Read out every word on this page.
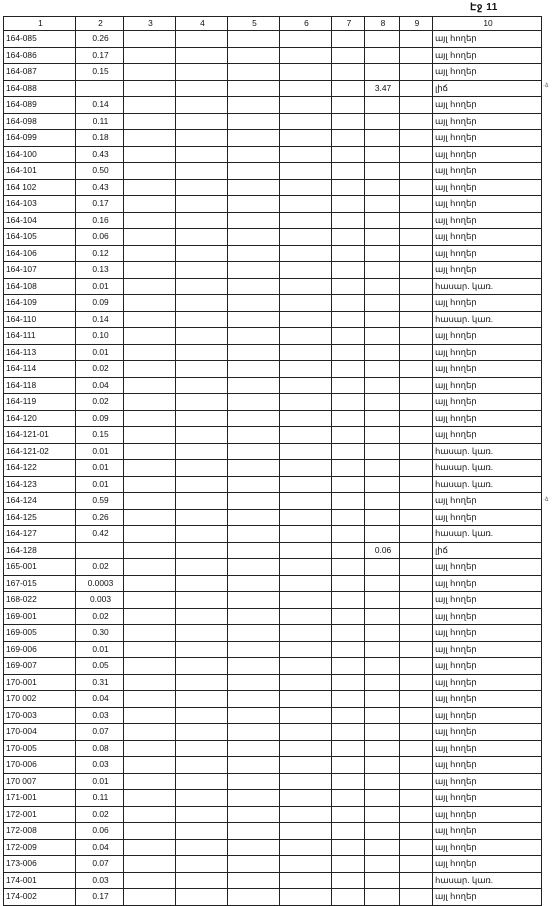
Էջ 11
·ձ
·ձ
1	2	3	4	5	6	7	8	9	10
164-085	0.26								այլ հողեր
164-086	0.17								այլ հողեր
164-087	0.15								այլ հողեր
164-088							3.47		լիճ
164-089	0.14								այլ հողեր
164-098	0.11								այլ հողեր
164-099	0.18								այլ հողեր
164-100	0.43								այլ հողեր
164-101	0.50								այլ հողեր
164 102	0.43								այլ հողեր
164-103	0.17								այլ հողեր
164-104	0.16								այլ հողեր
164-105	0.06								այլ հողեր
164-106	0.12								այլ հողեր
164-107	0.13								այլ հողեր
164-108	0.01								հասար. կառ.
164-109	0.09								այլ հողեր
164-110	0.14								հասար. կառ.
164-111	0.10								այլ հողեր
164-113	0.01								այլ հողեր
164-114	0.02								այլ հողեր
164-118	0.04								այլ հողեր
164-119	0.02								այլ հողեր
164-120	0.09								այլ հողեր
164-121-01	0.15								այլ հողեր
164-121-02	0.01								հասար. կառ.
164-122	0.01								հասար. կառ.
164-123	0.01								հասար. կառ.
164-124	0.59								այլ հողեր
164-125	0.26								այլ հողեր
164-127	0.42								հասար. կառ.
164-128							0.06		լիճ
165-001	0.02								այլ հողեր
167-015	0.0003								այլ հողեր
168-022	0.003								այլ հողեր
169-001	0.02								այլ հողեր
169-005	0.30								այլ հողեր
169-006	0.01								այլ հողեր
169-007	0.05								այլ հողեր
170-001	0.31								այլ հողեր
170 002	0.04								այլ հողեր
170-003	0.03								այլ հողեր
170-004	0.07								այլ հողեր
170-005	0.08								այլ հողեր
170-006	0.03								այլ հողեր
170 007	0.01								այլ հողեր
171-001	0.11								այլ հողեր
172-001	0.02								այլ հողեր
172-008	0.06								այլ հողեր
172-009	0.04								այլ հողեր
173-006	0.07								այլ հողեր
174-001	0.03								հասար. կառ.
174-002	0.17								այլ հողեր
